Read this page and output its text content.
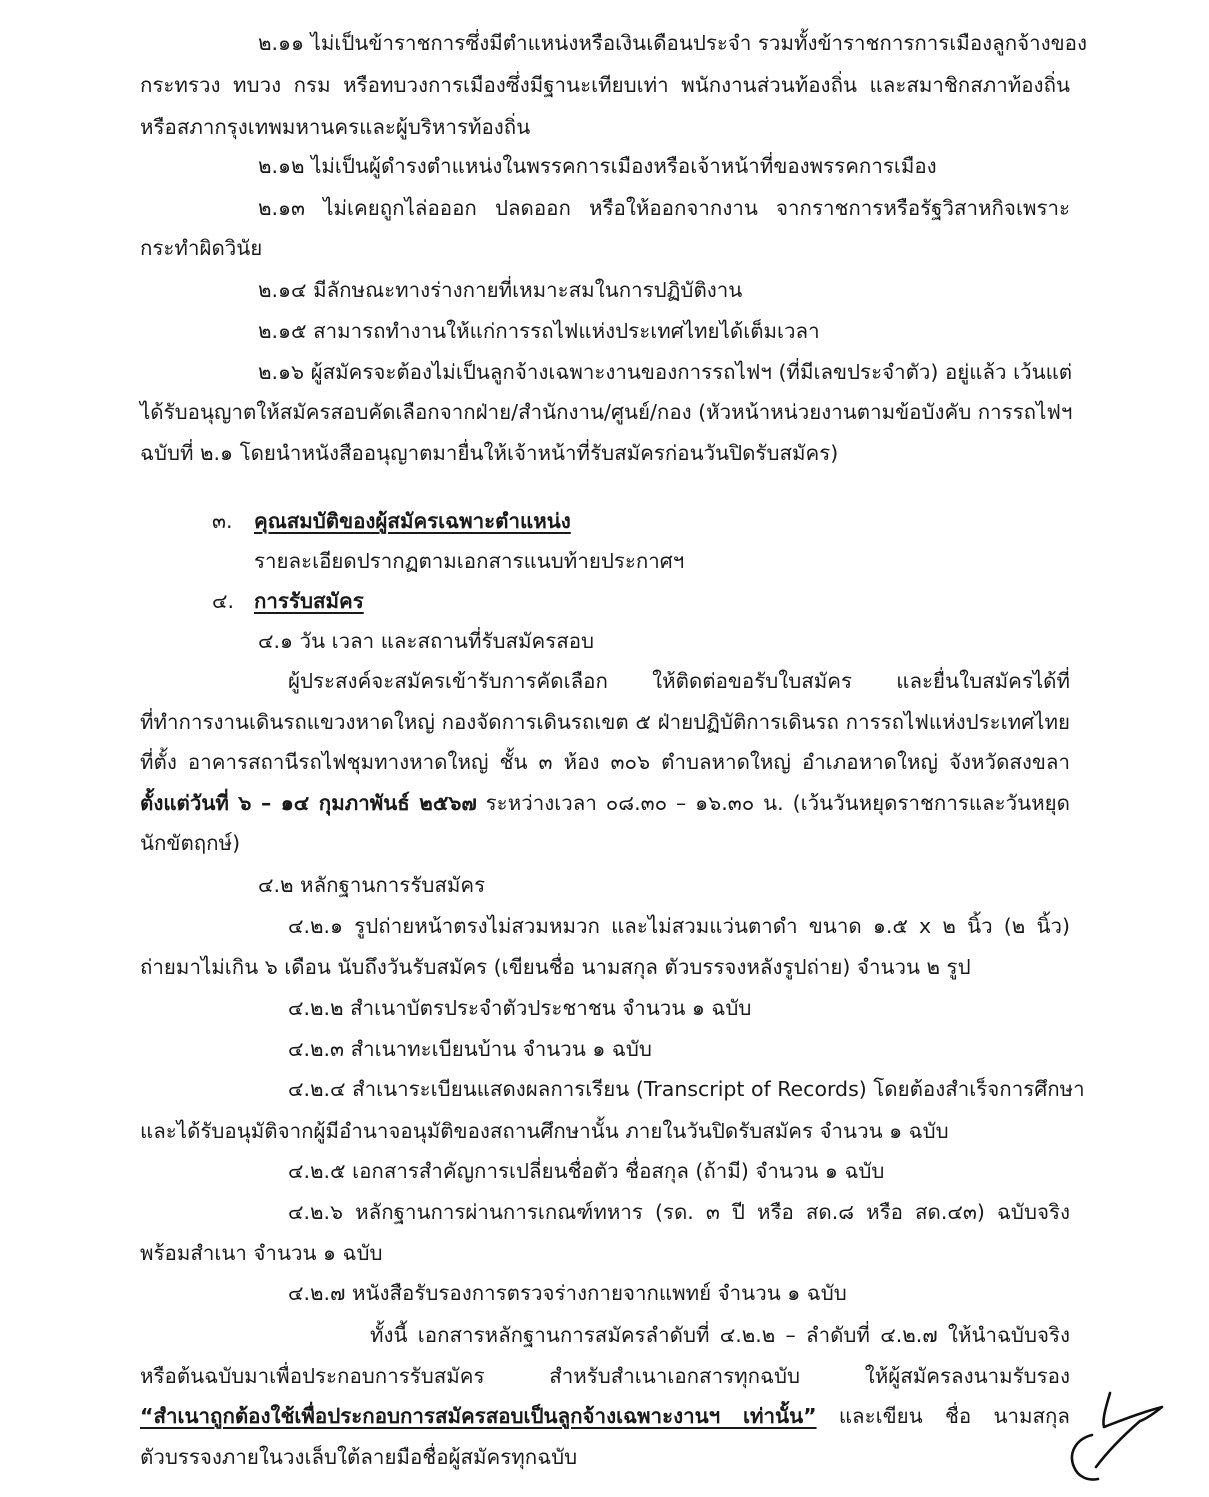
๒.๑๑ ไม่เป็นข้าราชการซึ่งมีตำแหน่งหรือเงินเดือนประจำ รวมทั้งข้าราชการการเมืองลูกจ้างของ
กระทรวง ทบวง กรม หรือทบวงการเมืองซึ่งมีฐานะเทียบเท่า พนักงานส่วนท้องถิ่น และสมาชิกสภาท้องถิ่น
หรือสภากรุงเทพมหานครและผู้บริหารท้องถิ่น
๒.๑๒ ไม่เป็นผู้ดำรงตำแหน่งในพรรคการเมืองหรือเจ้าหน้าที่ของพรรคการเมือง
๒.๑๓ ไม่เคยถูกไล่อออก ปลดออก หรือให้ออกจากงาน จากราชการหรือรัฐวิสาหกิจเพราะ
กระทำผิดวินัย
๒.๑๔ มีลักษณะทางร่างกายที่เหมาะสมในการปฏิบัติงาน
๒.๑๕ สามารถทำงานให้แก่การรถไฟแห่งประเทศไทยได้เต็มเวลา
๒.๑๖ ผู้สมัครจะต้องไม่เป็นลูกจ้างเฉพาะงานของการรถไฟฯ (ที่มีเลขประจำตัว) อยู่แล้ว เว้นแต่
ได้รับอนุญาตให้สมัครสอบคัดเลือกจากฝ่าย/สำนักงาน/ศูนย์/กอง (หัวหน้าหน่วยงานตามข้อบังคับ การรถไฟฯ
ฉบับที่ ๒.๑ โดยนำหนังสืออนุญาตมายื่นให้เจ้าหน้าที่รับสมัครก่อนวันปิดรับสมัคร)
๓. คุณสมบัติของผู้สมัครเฉพาะตำแหน่ง
รายละเอียดปรากฏตามเอกสารแนบท้ายประกาศฯ
๔. การรับสมัคร
๔.๑ วัน เวลา และสถานที่รับสมัครสอบ
ผู้ประสงค์จะสมัครเข้ารับการคัดเลือก ให้ติดต่อขอรับใบสมัคร และยื่นใบสมัครได้ที่
ที่ทำการงานเดินรถแขวงหาดใหญ่ กองจัดการเดินรถเขต ๕ ฝ่ายปฏิบัติการเดินรถ การรถไฟแห่งประเทศไทย
ที่ตั้ง อาคารสถานีรถไฟชุมทางหาดใหญ่ ชั้น ๓ ห้อง ๓๐๖ ตำบลหาดใหญ่ อำเภอหาดใหญ่ จังหวัดสงขลา
ตั้งแต่วันที่ ๖ – ๑๔ กุมภาพันธ์ ๒๕๖๗ ระหว่างเวลา ๐๘.๓๐ – ๑๖.๓๐ น. (เว้นวันหยุดราชการและวันหยุด
นักขัตฤกษ์)
๔.๒ หลักฐานการรับสมัคร
๔.๒.๑ รูปถ่ายหน้าตรงไม่สวมหมวก และไม่สวมแว่นตาดำ ขนาด ๑.๕ x ๒ นิ้ว (๒ นิ้ว)
ถ่ายมาไม่เกิน ๖ เดือน นับถึงวันรับสมัคร (เขียนชื่อ นามสกุล ตัวบรรจงหลังรูปถ่าย) จำนวน ๒ รูป
๔.๒.๒ สำเนาบัตรประจำตัวประชาชน จำนวน ๑ ฉบับ
๔.๒.๓ สำเนาทะเบียนบ้าน จำนวน ๑ ฉบับ
๔.๒.๔ สำเนาระเบียนแสดงผลการเรียน (Transcript of Records) โดยต้องสำเร็จการศึกษา
และได้รับอนุมัติจากผู้มีอำนาจอนุมัติของสถานศึกษานั้น ภายในวันปิดรับสมัคร จำนวน ๑ ฉบับ
๔.๒.๕ เอกสารสำคัญการเปลี่ยนชื่อตัว ชื่อสกุล (ถ้ามี) จำนวน ๑ ฉบับ
๔.๒.๖ หลักฐานการผ่านการเกณฑ์ทหาร (รด. ๓ ปี หรือ สด.๘ หรือ สด.๔๓) ฉบับจริง
พร้อมสำเนา จำนวน ๑ ฉบับ
๔.๒.๗ หนังสือรับรองการตรวจร่างกายจากแพทย์ จำนวน ๑ ฉบับ
ทั้งนี้ เอกสารหลักฐานการสมัครลำดับที่ ๔.๒.๒ – ลำดับที่ ๔.๒.๗ ให้นำฉบับจริง
หรือต้นฉบับมาเพื่อประกอบการรับสมัคร สำหรับสำเนาเอกสารทุกฉบับ ให้ผู้สมัครลงนามรับรอง
“สำเนาถูกต้องใช้เพื่อประกอบการสมัครสอบเป็นลูกจ้างเฉพาะงานฯ เท่านั้น” และเขียน ชื่อ นามสกุล
ตัวบรรจงภายในวงเล็บใต้ลายมือชื่อผู้สมัครทุกฉบับ
